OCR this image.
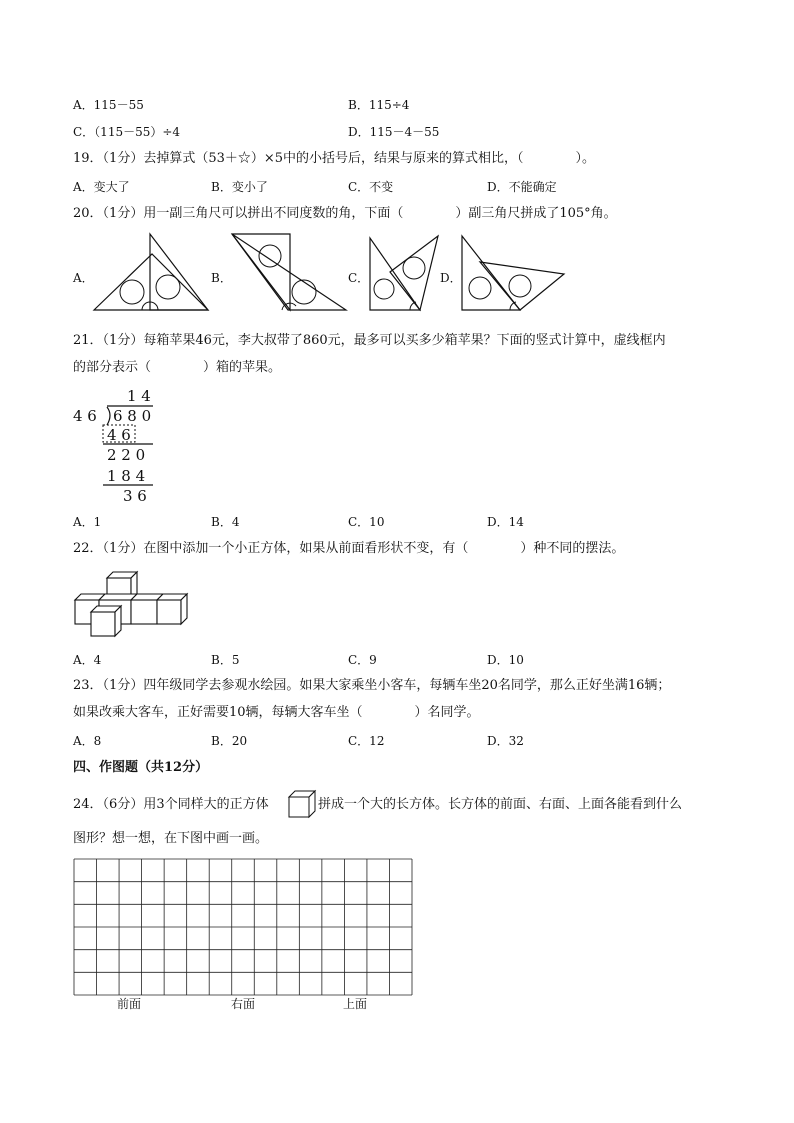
A．115－55	B．115÷4
C．（115－55）÷4	D．115－4－55
19．（1分）去掉算式（53＋☆）×5中的小括号后，结果与原来的算式相比，（　　　　）。
A．变大了	B．变小了	C．不变	D．不能确定
20．（1分）用一副三角尺可以拼出不同度数的角，下面（　　　　）副三角尺拼成了105°角。
A．	B．	C．	D．
21．（1分）每箱苹果46元，李大叔带了860元，最多可以买多少箱苹果？下面的竖式计算中，虚线框内
的部分表示（　　　　）箱的苹果。
1 4
4 6 6 8 0
4 6
2 2 0
1 8 4
3 6
A．1	B．4	C．10	D．14
22．（1分）在图中添加一个小正方体，如果从前面看形状不变，有（　　　　）种不同的摆法。
A．4	B．5	C．9	D．10
23．（1分）四年级同学去参观水绘园。如果大家乘坐小客车，每辆车坐20名同学，那么正好坐满16辆；
如果改乘大客车，正好需要10辆，每辆大客车坐（　　　　）名同学。
A．8	B．20	C．12	D．32
四、作图题（共12分）
24．（6分）用3个同样大的正方体	拼成一个大的长方体。长方体的前面、右面、上面各能看到什么
图形？想一想，在下图中画一画。
前面	右面	上面
